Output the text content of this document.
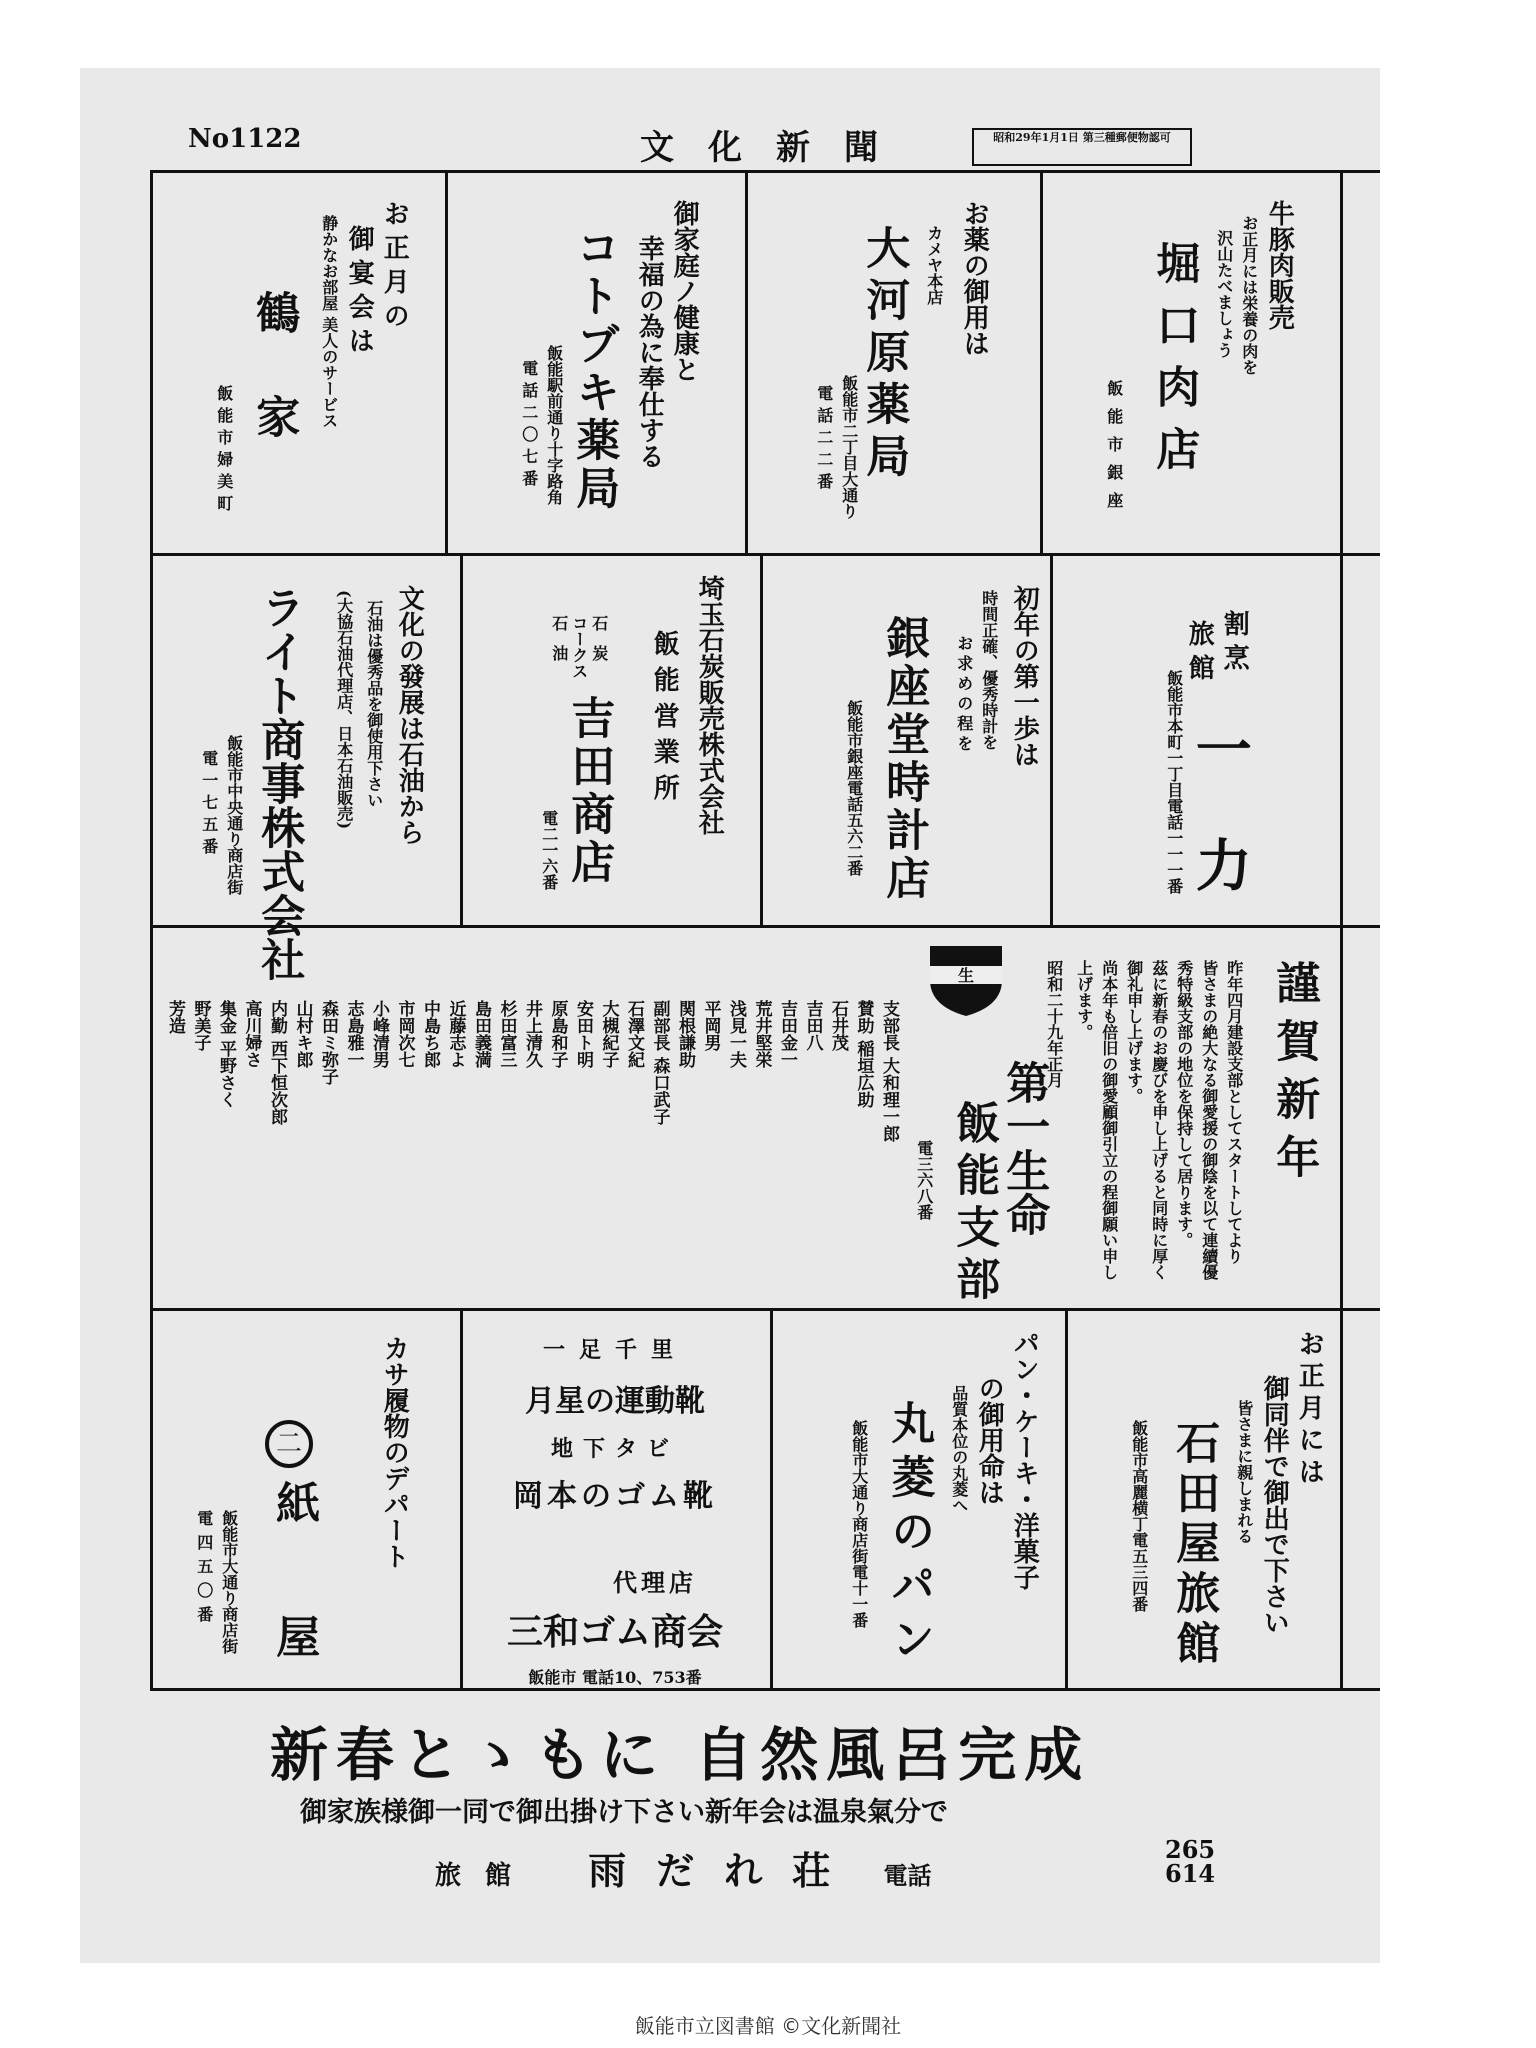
No1122	文化新聞	昭和29年1月1日 第三種郵便物認可
牛豚肉販売
お正月には栄養の肉を
沢山たべましょう
堀口肉店
飯能市銀座
お薬の御用は
カメヤ本店
大河原薬局
飯能市二丁目大通り
電話二二番
御家庭ノ健康と
幸福の為に奉仕する
コトブキ薬局
飯能駅前通り十字路角
電話二〇七番
お正月の
御宴会は
静かなお部屋 美人のサービス
鶴家
飯能市婦美町
割烹
旅館
飯能市本町一丁目電話一一一番 一力
初年の第一歩は
時間正確、優秀時計を
お求めの程を
銀座堂時計店
飯能市銀座電話五六二番
埼玉石炭販売株式会社
飯能営業所
石炭
コークス
石油
吉田商店
電二一六番
文化の發展は石油から
石油は優秀品を御使用下さい
(大協石油代理店、日本石油販売)
ライト商事株式会社
飯能市中央通り商店街
電一七五番
謹賀新年
昨年四月建設支部としてスタートしてより
皆さまの絶大なる御愛援の御陰を以て連續優
秀特級支部の地位を保持して居ります。
茲に新春のお慶びを申し上げると同時に厚く
御礼申し上げます。
尚本年も倍旧の御愛顧御引立の程御願い申し
上げます。
昭和二十九年正月
第一生命
飯能支部
電三六八番
生
支部長 大和理一郎
賛助 稲垣広助
石井茂
吉田八
吉田金一
荒井堅栄
浅見一夫
平岡男
関根謙助
副部長 森口武子
石澤文紀
大槻紀子
安田ト明
原島和子
井上清久
杉田富三
島田義満
近藤志よ
中島ち郎
市岡次七
小峰清男
志島雅一
森田ミ弥子
山村キ郎
内勤 西下恒次郎
高川婦さ
集金 平野さく
野美子
芳造
お正月には
御同伴で御出で下さい
皆さまに親しまれる
石田屋旅館
飯能市高麗横丁電五三四番
パン・ケーキ・洋菓子
の御用命は
品質本位の丸菱へ
丸菱のパン
飯能市大通り商店街電十一番
一足千里
月星の運動靴
地下タビ
岡本のゴム靴
代理店
三和ゴム商会
飯能市 電話10、753番
カサ履物のデパート
二
紙屋
飯能市大通り商店街
電四五〇番
新春とゝもに 自然風呂完成
御家族様御一同で御出掛け下さい新年会は温泉氣分で
旅館 雨だれ荘 電話
265
614
飯能市立図書館 ©文化新聞社
